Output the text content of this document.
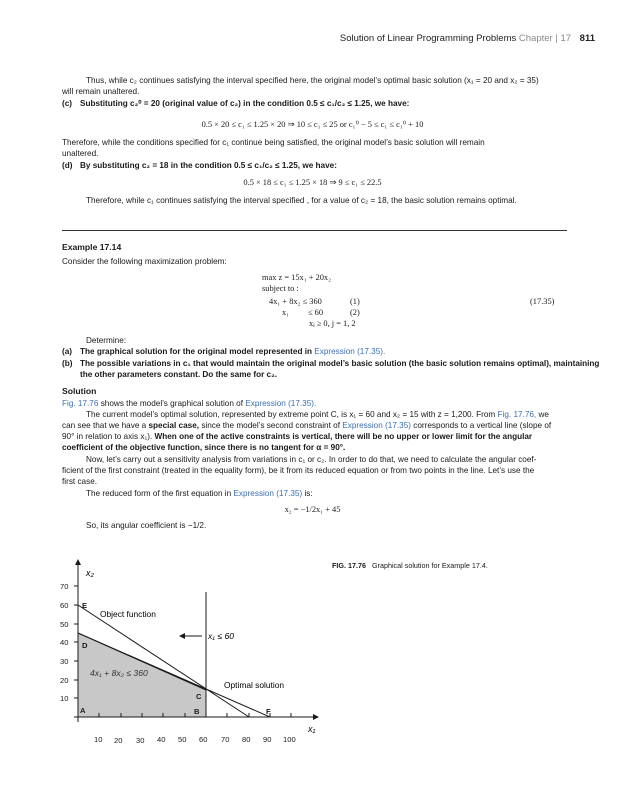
Solution of Linear Programming Problems Chapter | 17 811
Thus, while c₂ continues satisfying the interval specified here, the original model’s optimal basic solution (x₁ = 20 and x₂ = 35)
will remain unaltered.
(c) Substituting c₂⁰ = 20 (original value of c₂) in the condition 0.5 ≤ c₁/c₂ ≤ 1.25, we have:
0.5 × 20 ≤ c₁ ≤ 1.25 × 20 ⇒ 10 ≤ c₁ ≤ 25 or c₁⁰ − 5 ≤ c₁ ≤ c₁⁰ + 10
Therefore, while the conditions specified for c₁ continue being satisfied, the original model’s basic solution will remain
unaltered.
(d) By substituting c₂ = 18 in the condition 0.5 ≤ c₁/c₂ ≤ 1.25, we have:
0.5 × 18 ≤ c₁ ≤ 1.25 × 18 ⇒ 9 ≤ c₁ ≤ 22.5
Therefore, while c₁ continues satisfying the interval specified , for a value of c₂ = 18, the basic solution remains optimal.
Example 17.14
Consider the following maximization problem:
max z = 15x₁ + 20x₂
subject to :
4x₁ + 8x₂ ≤ 360	(1)
x₁         ≤ 60	(2)
xⱼ ≥ 0, j = 1, 2
(17.35)
Determine:
(a) The graphical solution for the original model represented in Expression (17.35).
(b) The possible variations in c₁ that would maintain the original model’s basic solution (the basic solution remains optimal), maintaining
the other parameters constant. Do the same for c₂.
Solution
Fig. 17.76 shows the model’s graphical solution of Expression (17.35).
The current model’s optimal solution, represented by extreme point C, is x₁ = 60 and x₂ = 15 with z = 1,200. From Fig. 17.76, we
can see that we have a special case, since the model’s second constraint of Expression (17.35) corresponds to a vertical line (slope of
90° in relation to axis x₁). When one of the active constraints is vertical, there will be no upper or lower limit for the angular
coefficient of the objective function, since there is no tangent for α = 90°.
Now, let’s carry out a sensitivity analysis from variations in c₁ or c₂. In order to do that, we need to calculate the angular coef-
ficient of the first constraint (treated in the equality form), be it from its reduced equation or from two points in the line. Let’s use the
first case.
The reduced form of the first equation in Expression (17.35) is:
x₂ = −1/2x₁ + 45
So, its angular coefficient is −1/2.
FIG. 17.76 Graphical solution for Example 17.4.
10
20
30
40
50
60
70
10 20 30 40 50 60 70 80 90 100
x₂
x₁
E
D
A	B
C
F
Object function
x₁ ≤ 60
4x₁ + 8x₂ ≤ 360
Optimal solution
